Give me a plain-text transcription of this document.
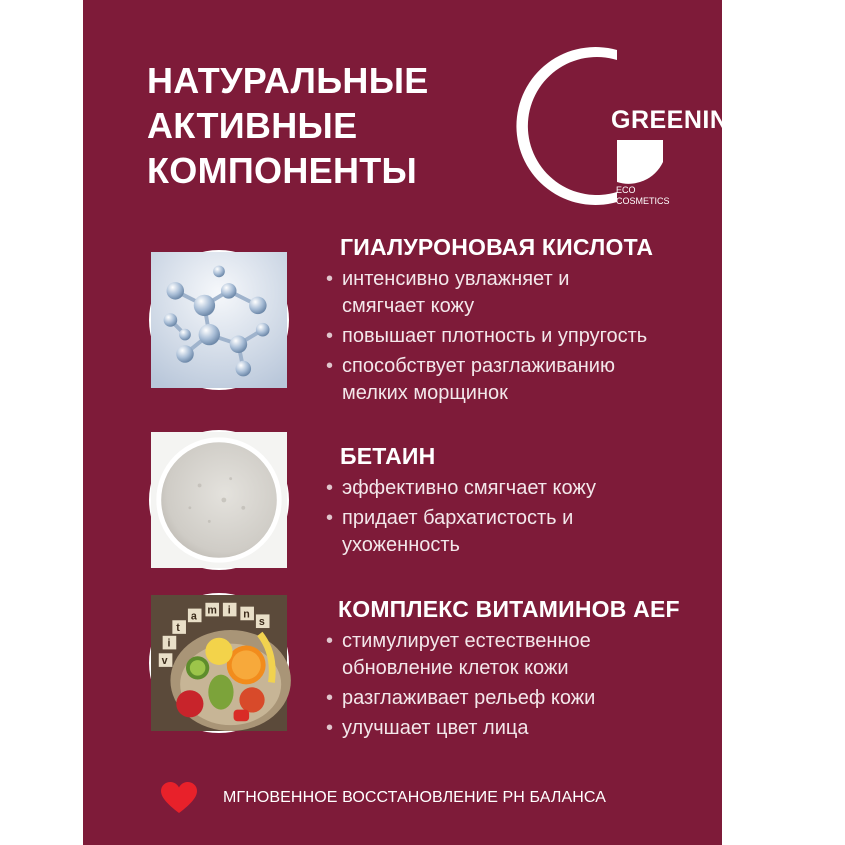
НАТУРАЛЬНЫЕ
АКТИВНЫЕ
КОМПОНЕНТЫ
GREENINI
ECO
COSMETICS
v
i
t
a m i n
s
ГИАЛУРОНОВАЯ КИСЛОТА
• интенсивно увлажняет и смягчает кожу
• повышает плотность и упругость
• способствует разглаживанию мелких морщинок
БЕТАИН
• эффективно смягчает кожу
• придает бархатистость и ухоженность
КОМПЛЕКС ВИТАМИНОВ AEF
• стимулирует естественное обновление клеток кожи
• разглаживает рельеф кожи
• улучшает цвет лица
МГНОВЕННОЕ ВОССТАНОВЛЕНИЕ РН БАЛАНСА
